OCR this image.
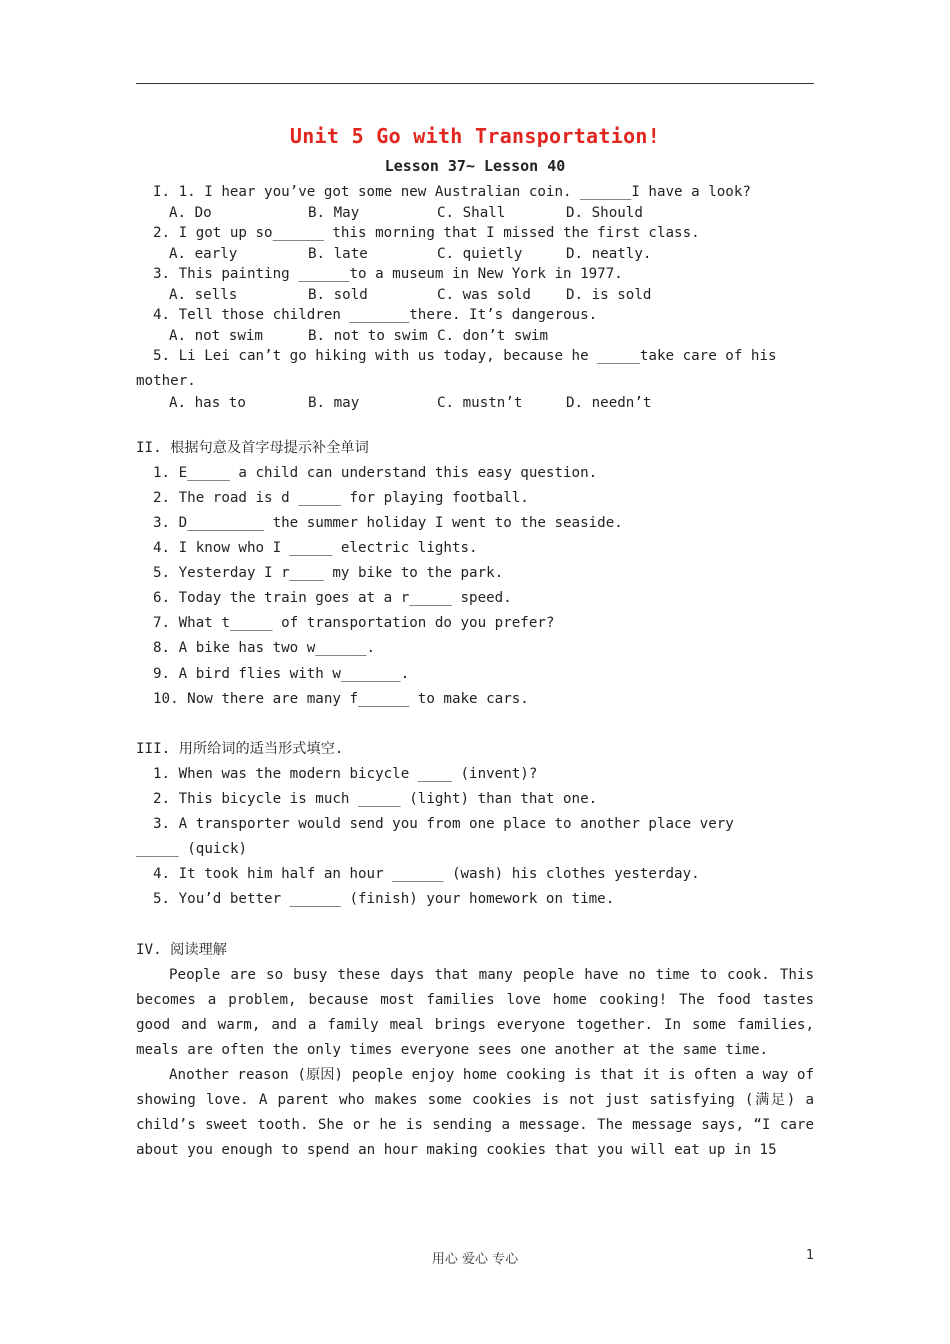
Unit 5 Go with Transportation!
Lesson 37~ Lesson 40
I. 1. I hear you’ve got some new Australian coin. ______I have a look?
A. Do	B. May	C. Shall	D. Should
2. I got up so______ this morning that I missed the first class.
A. early	B. late	C. quietly	D. neatly.
3. This painting ______to a museum in New York in 1977.
A. sells	B. sold	C. was sold	D. is sold
4. Tell those children _______there. It’s dangerous.
A. not swim	B. not to swim C. don’t swim
5. Li Lei can’t go hiking with us today, because he _____take care of his
mother.
A. has to	B. may	C. mustn’t	D. needn’t
II. 根据句意及首字母提示补全单词
1. E_____ a child can understand this easy question.
2. The road is d _____ for playing football.
3. D_________ the summer holiday I went to the seaside.
4. I know who I _____ electric lights.
5. Yesterday I r____ my bike to the park.
6. Today the train goes at a r_____ speed.
7. What t_____ of transportation do you prefer?
8. A bike has two w______.
9. A bird flies with w_______.
10. Now there are many f______ to make cars.
III. 用所给词的适当形式填空.
1. When was the modern bicycle ____ (invent)?
2. This bicycle is much _____ (light) than that one.
3. A transporter would send you from one place to another place very
_____ (quick)
4. It took him half an hour ______ (wash) his clothes yesterday.
5. You’d better ______ (finish) your homework on time.
IV. 阅读理解

People are so busy these days that many people have no time to cook. This becomes a problem, because most families love home cooking! The food tastes good and warm, and a family meal brings everyone together. In some families, meals are often the only times everyone sees one another at the same time.

Another reason (原因) people enjoy home cooking is that it is often a way of showing love. A parent who makes some cookies is not just satisfying (满足) a child’s sweet tooth. She or he is sending a message. The message says, “I care about you enough to spend an hour making cookies that you will eat up in 15

用心 爱心 专心	1
